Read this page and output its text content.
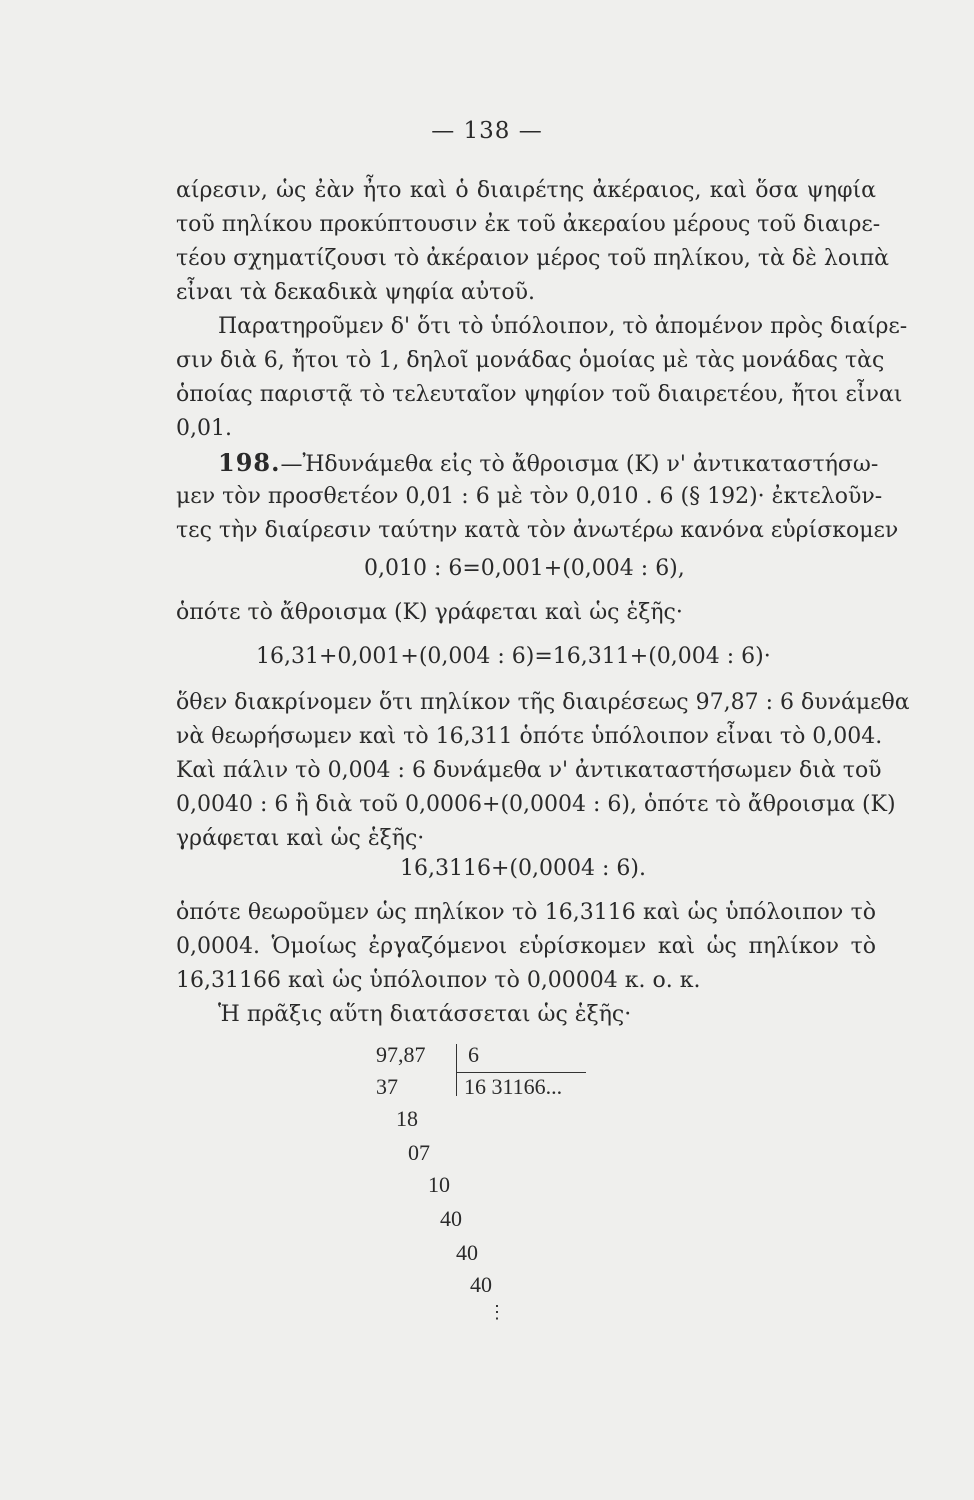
— 138 —
αίρεσιν, ὡς ἐὰν ἦτο καὶ ὁ διαιρέτης ἀκέραιος, καὶ ὅσα ψηφία
τοῦ πηλίκου προκύπτουσιν ἐκ τοῦ ἀκεραίου μέρους τοῦ διαιρε-
τέου σχηματίζουσι τὸ ἀκέραιον μέρος τοῦ πηλίκου, τὰ δὲ λοιπὰ
εἶναι τὰ δεκαδικὰ ψηφία αὐτοῦ.
Παρατηροῦμεν δ' ὅτι τὸ ὑπόλοιπον, τὸ ἀπομένον πρὸς διαίρε-
σιν διὰ 6, ἤτοι τὸ 1, δηλοῖ μονάδας ὁμοίας μὲ τὰς μονάδας τὰς
ὁποίας παριστᾷ τὸ τελευταῖον ψηφίον τοῦ διαιρετέου, ἤτοι εἶναι
0,01.
198.—Ἠδυνάμεθα εἰς τὸ ἄθροισμα (Κ) ν' ἀντικαταστήσω-
μεν τὸν προσθετέον 0,01 : 6 μὲ τὸν 0,010 . 6 (§ 192)· ἐκτελοῦν-
τες τὴν διαίρεσιν ταύτην κατὰ τὸν ἀνωτέρω κανόνα εὑρίσκομεν
0,010 : 6=0,001+(0,004 : 6),
ὁπότε τὸ ἄθροισμα (Κ) γράφεται καὶ ὡς ἑξῆς·
16,31+0,001+(0,004 : 6)=16,311+(0,004 : 6)·
ὅθεν διακρίνομεν ὅτι πηλίκον τῆς διαιρέσεως 97,87 : 6 δυνάμεθα
νὰ θεωρήσωμεν καὶ τὸ 16,311 ὁπότε ὑπόλοιπον εἶναι τὸ 0,004.
Καὶ πάλιν τὸ 0,004 : 6 δυνάμεθα ν' ἀντικαταστήσωμεν διὰ τοῦ
0,0040 : 6 ἢ διὰ τοῦ 0,0006+(0,0004 : 6), ὁπότε τὸ ἄθροισμα (Κ)
γράφεται καὶ ὡς ἑξῆς·
16,3116+(0,0004 : 6).
ὁπότε θεωροῦμεν ὡς πηλίκον τὸ 16,3116 καὶ ὡς ὑπόλοιπον τὸ
0,0004. Ὁμοίως ἐργαζόμενοι εὑρίσκομεν καὶ ὡς πηλίκον τὸ
16,31166 καὶ ὡς ὑπόλοιπον τὸ 0,00004 κ. ο. κ.
Ἡ πρᾶξις αὕτη διατάσσεται ὡς ἑξῆς·
97,87 6
37	16 31166...
18
07
10
40
40
40
⋮
